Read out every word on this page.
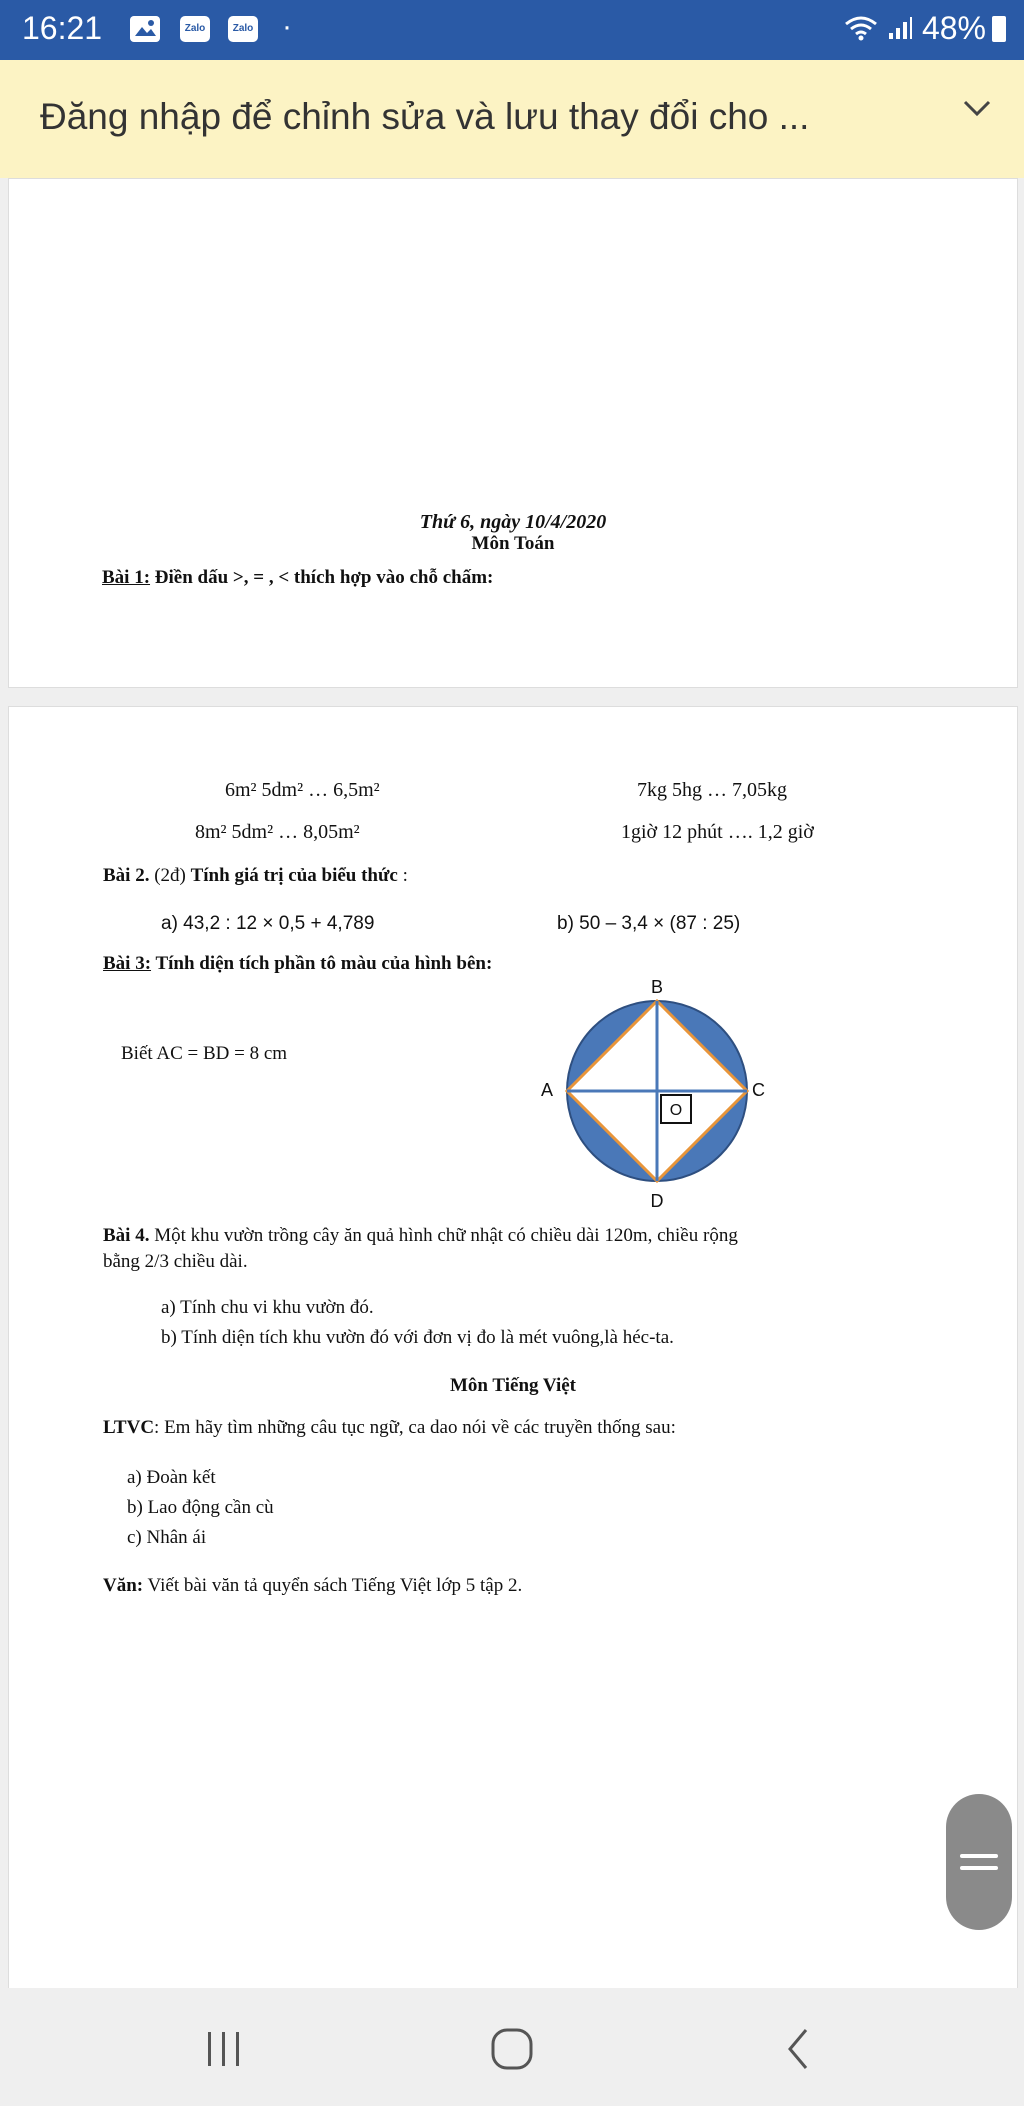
16:21	Zalo	Zalo ·	48%
Đăng nhập để chỉnh sửa và lưu thay đổi cho ...
Thứ 6, ngày 10/4/2020
Môn Toán
Bài 1: Điền dấu >, = , < thích hợp vào chỗ chấm:
6m² 5dm² … 6,5m²	7kg 5hg … 7,05kg
8m² 5dm² … 8,05m²	1giờ 12 phút …. 1,2 giờ
Bài 2. (2đ) Tính giá trị của biểu thức :
a) 43,2 : 12 × 0,5 + 4,789	b) 50 – 3,4 × (87 : 25)
Bài 3: Tính diện tích phần tô màu của hình bên:
Biết AC = BD = 8 cm
O
B
A	C
D
Bài 4. Một khu vườn trồng cây ăn quả hình chữ nhật có chiều dài 120m, chiều rộng
bằng 2/3 chiều dài.
a) Tính chu vi khu vườn đó.
b) Tính diện tích khu vườn đó với đơn vị đo là mét vuông,là héc-ta.
Môn Tiếng Việt
LTVC: Em hãy tìm những câu tục ngữ, ca dao nói về các truyền thống sau:
a) Đoàn kết
b) Lao động cần cù
c) Nhân ái
Văn: Viết bài văn tả quyển sách Tiếng Việt lớp 5 tập 2.
